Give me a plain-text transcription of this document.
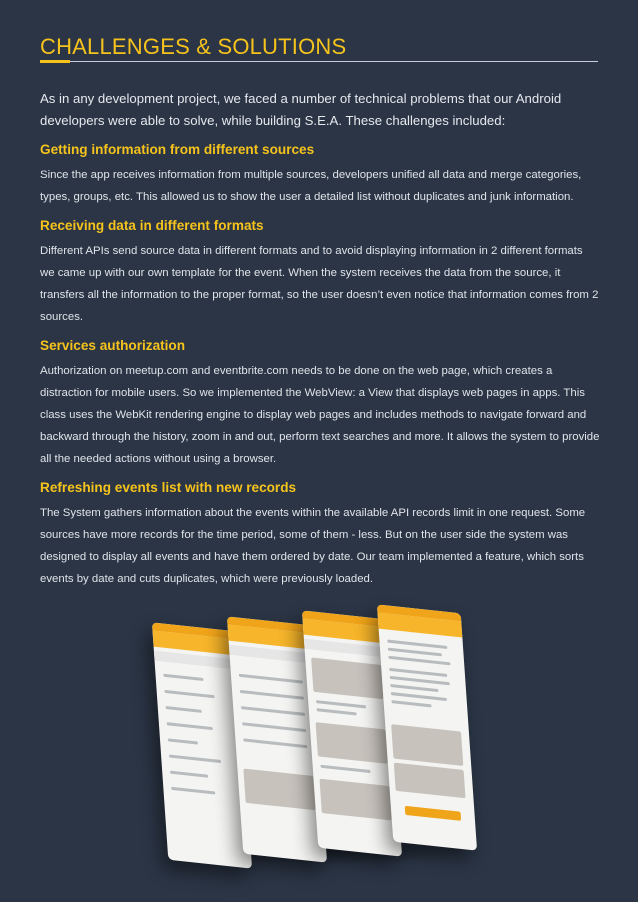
CHALLENGES & SOLUTIONS

As in any development project, we faced a number of technical problems that our Android developers were able to solve, while building S.E.A. These challenges included:

Getting information from different sources

Since the app receives information from multiple sources, developers unified all data and merge categories, types, groups, etc. This allowed us to show the user a detailed list without duplicates and junk information.

Receiving data in different formats

Different APIs send source data in different formats and to avoid displaying information in 2 different formats we came up with our own template for the event. When the system receives the data from the source, it transfers all the information to the proper format, so the user doesn’t even notice that information comes from 2 sources.

Services authorization

Authorization on meetup.com and eventbrite.com needs to be done on the web page, which creates a distraction for mobile users. So we implemented the WebView: a View that displays web pages in apps. This class uses the WebKit rendering engine to display web pages and includes methods to navigate forward and backward through the history, zoom in and out, perform text searches and more. It allows the system to provide all the needed actions without using a browser.

Refreshing events list with new records

The System gathers information about the events within the available API records limit in one request. Some sources have more records for the time period, some of them - less. But on the user side the system was designed to display all events and have them ordered by date. Our team implemented a feature, which sorts events by date and cuts duplicates, which were previously loaded.
